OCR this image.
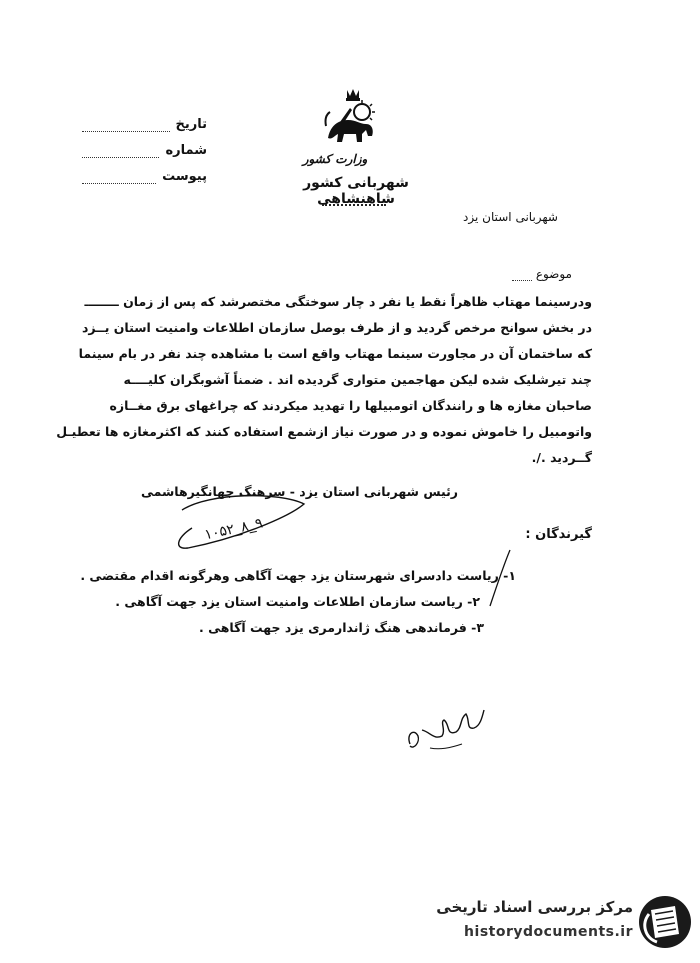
تاریخ
شماره
پیوست
وزارت کشور
شهربانی کشور شاهنشاهی
شهربانی استان یزد
موضوع
ودرسینما مهتاب ظاهراً نقط یا نفر د چار سوختگی مختصرشد که پس از زمان ــــــــ
در بخش سوانح مرخص گردید و از طرف بوصل سازمان اطلاعات وامنیت استان یــزد
که ساختمان آن در مجاورت سینما مهتاب واقع است با مشاهده چند نفر در بام سینما
چند تیرشلیک شده لیکن مهاجمین متواری گردیده اند . ضمناً آشوبگران کلیــــه
صاحبان مغازه ها و رانندگان اتومبیلها را تهدید میکردند که چراغهای برق مغــازه
واتومبیل را خاموش نموده و در صورت نیاز ازشمع استفاده کنند که اکثرمغازه ها تعطیـل
گــردید ./.
رئیس شهربانی استان یزد - سرهنگ جهانگیرهاشمی
۱۰۵۲_۸_۹	گیرندگان :
۱- ریاست دادسرای شهرستان یزد جهت آگاهی وهرگونه اقدام مقتضی .
۲- ریاست سازمان اطلاعات وامنیت استان یزد جهت آگاهی .
۳- فرماندهی هنگ ژاندارمری یزد جهت آگاهی .
مرکز بررسی اسناد تاریخی
historydocuments.ir
